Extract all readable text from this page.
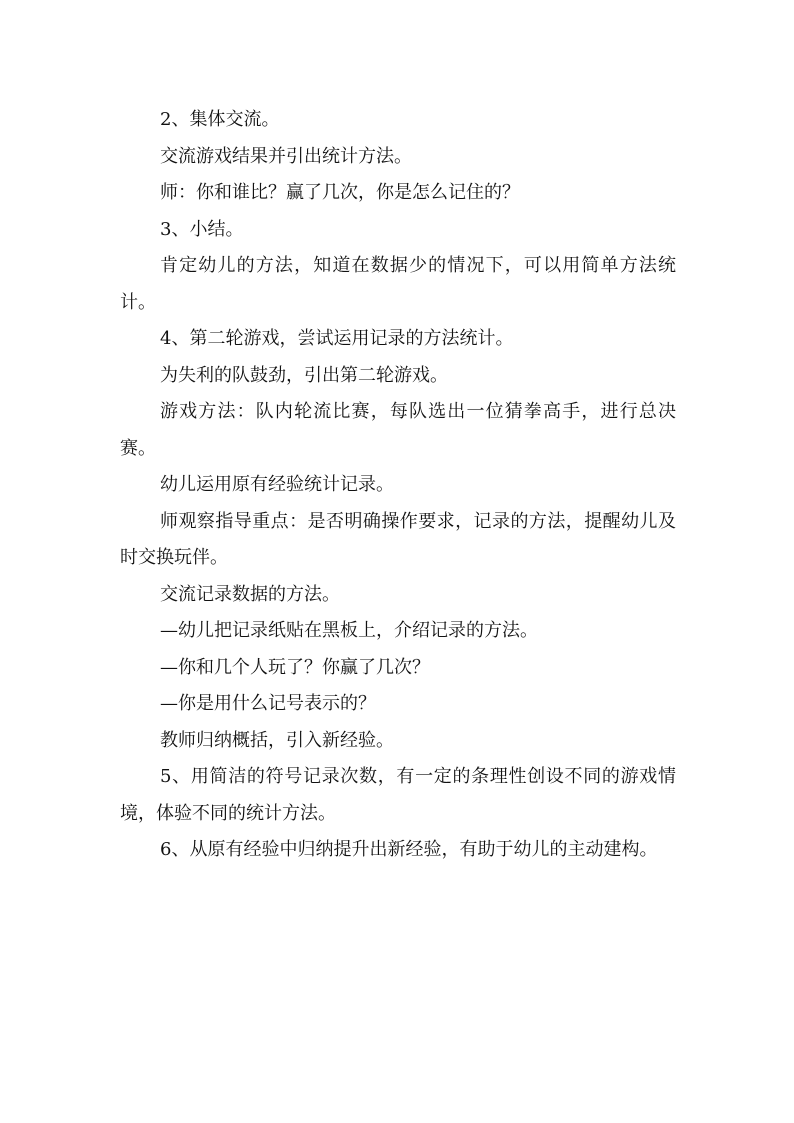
2、集体交流。

交流游戏结果并引出统计方法。

师：你和谁比？赢了几次，你是怎么记住的？

3、小结。

肯定幼儿的方法，知道在数据少的情况下，可以用简单方法统计。

4、第二轮游戏，尝试运用记录的方法统计。

为失利的队鼓劲，引出第二轮游戏。

游戏方法：队内轮流比赛，每队选出一位猜拳高手，进行总决赛。

幼儿运用原有经验统计记录。

师观察指导重点：是否明确操作要求，记录的方法，提醒幼儿及时交换玩伴。

交流记录数据的方法。

—幼儿把记录纸贴在黑板上，介绍记录的方法。

—你和几个人玩了？你赢了几次？

—你是用什么记号表示的？

教师归纳概括，引入新经验。

5、用简洁的符号记录次数，有一定的条理性创设不同的游戏情境，体验不同的统计方法。

6、从原有经验中归纳提升出新经验，有助于幼儿的主动建构。
